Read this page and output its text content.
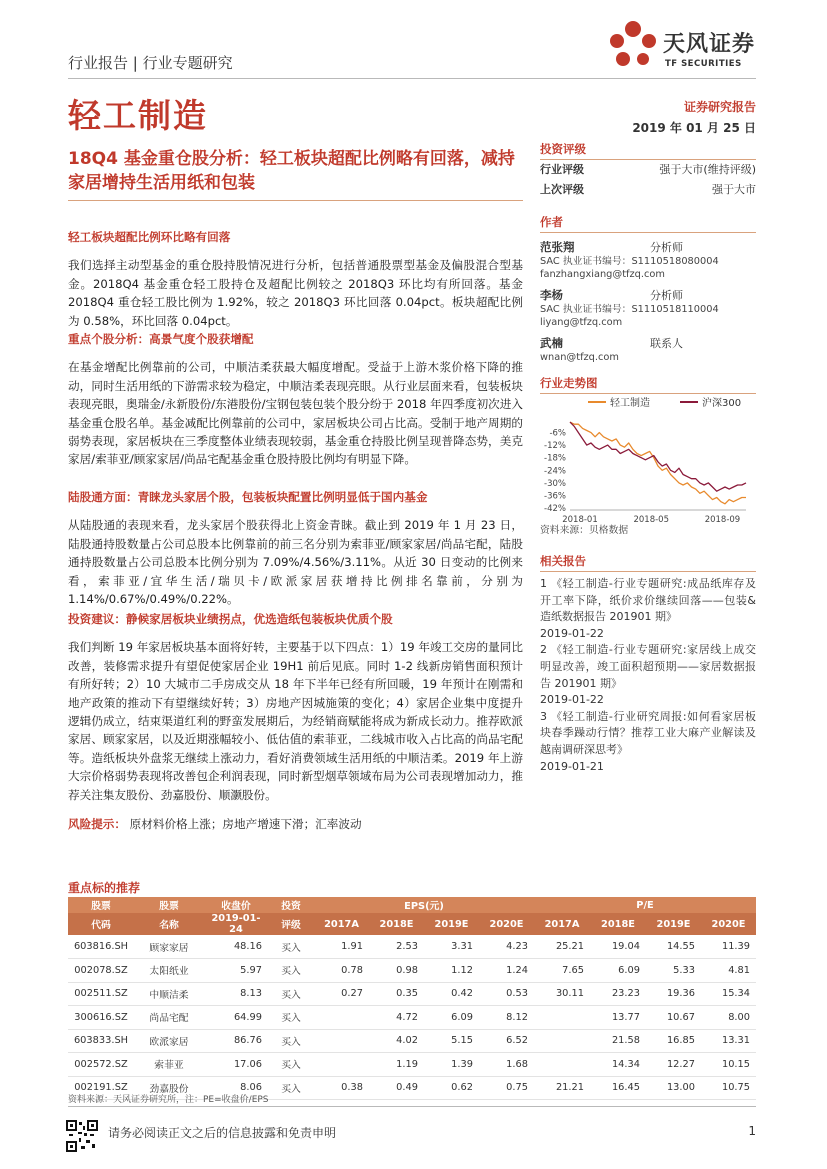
行业报告 | 行业专题研究
天风证券
TF SECURITIES
轻工制造	证券研究报告
2019 年 01 月 25 日
18Q4 基金重仓股分析：轻工板块超配比例略有回落，减持家居增持生活用纸和包装
轻工板块超配比例环比略有回落
我们选择主动型基金的重仓股持股情况进行分析，包括普通股票型基金及偏股混合型基金。2018Q4 基金重仓轻工股持仓及超配比例较之 2018Q3 环比均有所回落。基金 2018Q4 重仓轻工股比例为 1.92%，较之 2018Q3 环比回落 0.04pct。板块超配比例为 0.58%，环比回落 0.04pct。
重点个股分析：高景气度个股获增配
在基金增配比例靠前的公司，中顺洁柔获最大幅度增配。受益于上游木浆价格下降的推动，同时生活用纸的下游需求较为稳定，中顺洁柔表现亮眼。从行业层面来看，包装板块表现亮眼，奥瑞金/永新股份/东港股份/宝钢包装包装个股分纷于 2018 年四季度初次进入基金重仓股名单。基金减配比例靠前的公司中，家居板块公司占比高。受制于地产周期的弱势表现，家居板块在三季度整体业绩表现较弱，基金重仓持股比例呈现普降态势，美克家居/索菲亚/顾家家居/尚品宅配基金重仓股持股比例均有明显下降。
陆股通方面：青睐龙头家居个股，包装板块配置比例明显低于国内基金
从陆股通的表现来看，龙头家居个股获得北上资金青睐。截止到 2019 年 1 月 23 日，陆股通持股数量占公司总股本比例靠前的前三名分别为索菲亚/顾家家居/尚品宅配，陆股通持股数量占公司总股本比例分别为 7.09%/4.56%/3.11%。从近 30 日变动的比例来看，索菲亚/宜华生活/瑞贝卡/欧派家居获增持比例排名靠前，分别为 1.14%/0.67%/0.49%/0.22%。
投资建议：静候家居板块业绩拐点，优选造纸包装板块优质个股
我们判断 19 年家居板块基本面将好转，主要基于以下四点：1）19 年竣工交房的量同比改善，装修需求提升有望促使家居企业 19H1 前后见底。同时 1-2 线新房销售面积预计有所好转；2）10 大城市二手房成交从 18 年下半年已经有所回暖，19 年预计在刚需和地产政策的推动下有望继续好转；3）房地产因城施策的变化；4）家居企业集中度提升逻辑仍成立，结束渠道红利的野蛮发展期后，为经销商赋能将成为新成长动力。推荐欧派家居、顾家家居，以及近期涨幅较小、低估值的索菲亚，二线城市收入占比高的尚品宅配等。造纸板块外盘浆无继续上涨动力，看好消费领域生活用纸的中顺洁柔。2019 年上游大宗价格弱势表现将改善包企利润表现，同时新型烟草领域布局为公司表现增加动力，推荐关注集友股份、劲嘉股份、顺灏股份。
风险提示： 原材料价格上涨；房地产增速下滑；汇率波动
投资评级
行业评级	强于大市(维持评级)
上次评级	强于大市
作者
范张翔	分析师
SAC 执业证书编号：S1110518080004
fanzhangxiang@tfzq.com
李杨	分析师
SAC 执业证书编号：S1110518110004
liyang@tfzq.com
武楠	联系人
wnan@tfzq.com
行业走势图
轻工制造	沪深300
-6%
-12%
-18%
-24%
-30%
-36%
-42%
2018-01	2018-05	2018-09
资料来源：贝格数据
相关报告
1 《轻工制造-行业专题研究:成品纸库存及开工率下降，纸价求价继续回落——包装&造纸数据报告 201901 期》
2019-01-22
2 《轻工制造-行业专题研究:家居线上成交明显改善，竣工面积超预期——家居数据报告 201901 期》
2019-01-22
3 《轻工制造-行业研究周报:如何看家居板块春季躁动行情？推荐工业大麻产业解读及越南调研深思考》
2019-01-21
重点标的推荐
股票	股票	收盘价	投资	EPS(元)				P/E			
代码	名称	2019-01-24	评级	2017A	2018E	2019E	2020E	2017A	2018E	2019E	2020E
603816.SH	顾家家居	48.16	买入	1.91	2.53	3.31	4.23	25.21	19.04	14.55	11.39
002078.SZ	太阳纸业	5.97	买入	0.78	0.98	1.12	1.24	7.65	6.09	5.33	4.81
002511.SZ	中顺洁柔	8.13	买入	0.27	0.35	0.42	0.53	30.11	23.23	19.36	15.34
300616.SZ	尚品宅配	64.99	买入		4.72	6.09	8.12		13.77	10.67	8.00
603833.SH	欧派家居	86.76	买入		4.02	5.15	6.52		21.58	16.85	13.31
002572.SZ	索菲亚	17.06	买入		1.19	1.39	1.68		14.34	12.27	10.15
002191.SZ	劲嘉股份	8.06	买入	0.38	0.49	0.62	0.75	21.21	16.45	13.00	10.75
资料来源：天风证券研究所，注：PE=收盘价/EPS
请务必阅读正文之后的信息披露和免责申明	1
